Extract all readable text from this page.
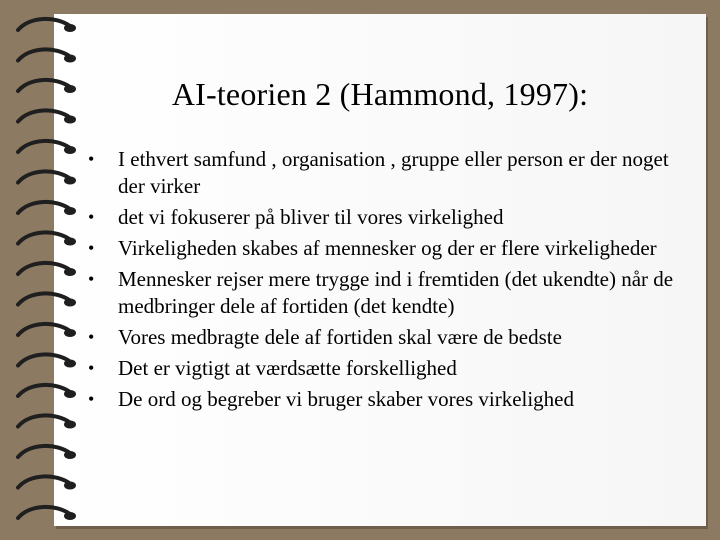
AI-teorien 2 (Hammond, 1997):
• I ethvert samfund , organisation , gruppe eller person er der noget der virker
• det vi fokuserer på bliver til vores virkelighed
• Virkeligheden skabes af mennesker og der er flere virkeligheder
• Mennesker rejser mere trygge ind i fremtiden (det ukendte) når de medbringer dele af fortiden (det kendte)
• Vores medbragte dele af fortiden skal være de bedste
• Det er vigtigt at værdsætte forskellighed
• De ord og begreber vi bruger skaber vores virkelighed
